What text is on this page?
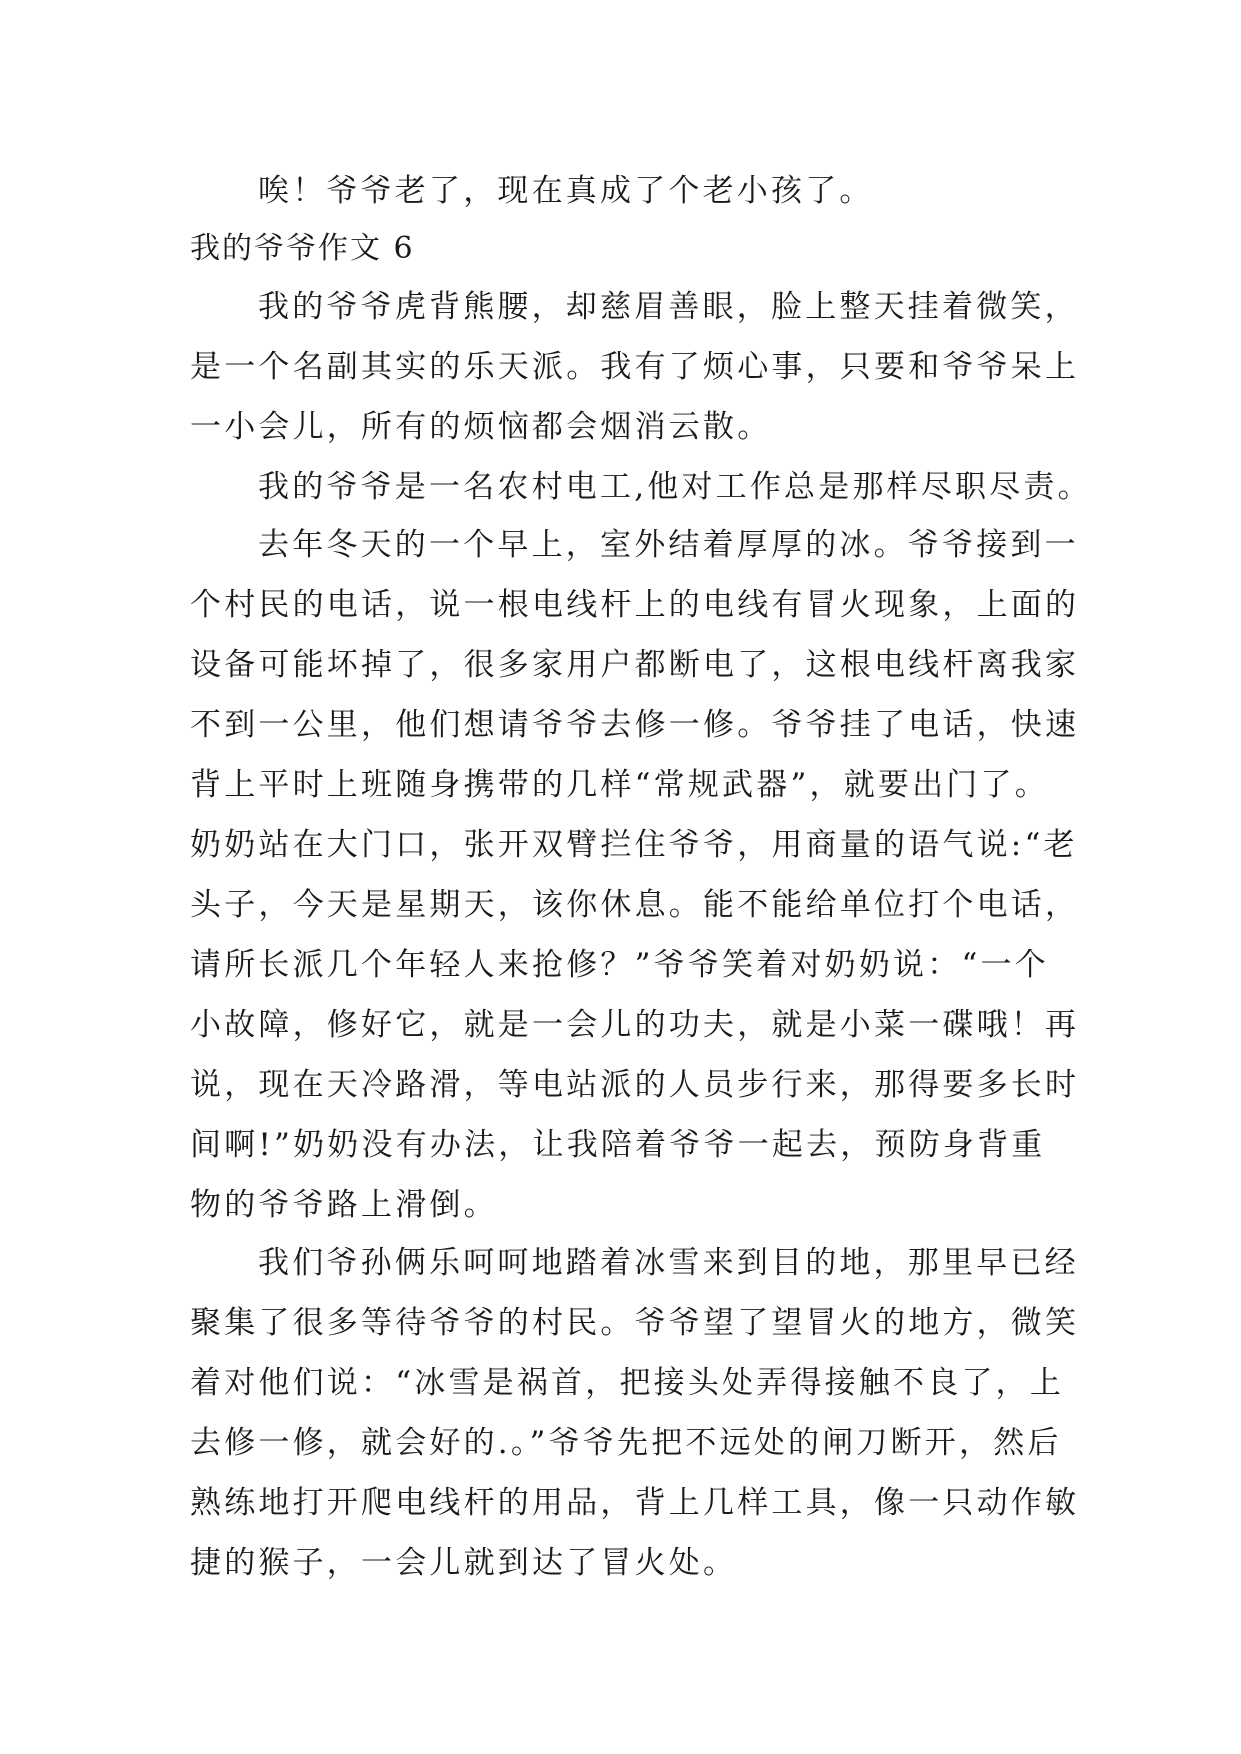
唉！爷爷老了，现在真成了个老小孩了。
我的爷爷作文 6
我的爷爷虎背熊腰，却慈眉善眼，脸上整天挂着微笑，
是一个名副其实的乐天派。我有了烦心事，只要和爷爷呆上
一小会儿，所有的烦恼都会烟消云散。
我的爷爷是一名农村电工,他对工作总是那样尽职尽责。
去年冬天的一个早上，室外结着厚厚的冰。爷爷接到一
个村民的电话，说一根电线杆上的电线有冒火现象，上面的
设备可能坏掉了，很多家用户都断电了，这根电线杆离我家
不到一公里，他们想请爷爷去修一修。爷爷挂了电话，快速
背上平时上班随身携带的几样“常规武器”，就要出门了。
奶奶站在大门口，张开双臂拦住爷爷，用商量的语气说:“老
头子，今天是星期天，该你休息。能不能给单位打个电话，
请所长派几个年轻人来抢修？”爷爷笑着对奶奶说：“一个
小故障，修好它，就是一会儿的功夫，就是小菜一碟哦！再
说，现在天冷路滑，等电站派的人员步行来，那得要多长时
间啊!”奶奶没有办法，让我陪着爷爷一起去，预防身背重
物的爷爷路上滑倒。
我们爷孙俩乐呵呵地踏着冰雪来到目的地，那里早已经
聚集了很多等待爷爷的村民。爷爷望了望冒火的地方，微笑
着对他们说：“冰雪是祸首，把接头处弄得接触不良了，上
去修一修，就会好的.。”爷爷先把不远处的闸刀断开，然后
熟练地打开爬电线杆的用品，背上几样工具，像一只动作敏
捷的猴子，一会儿就到达了冒火处。
